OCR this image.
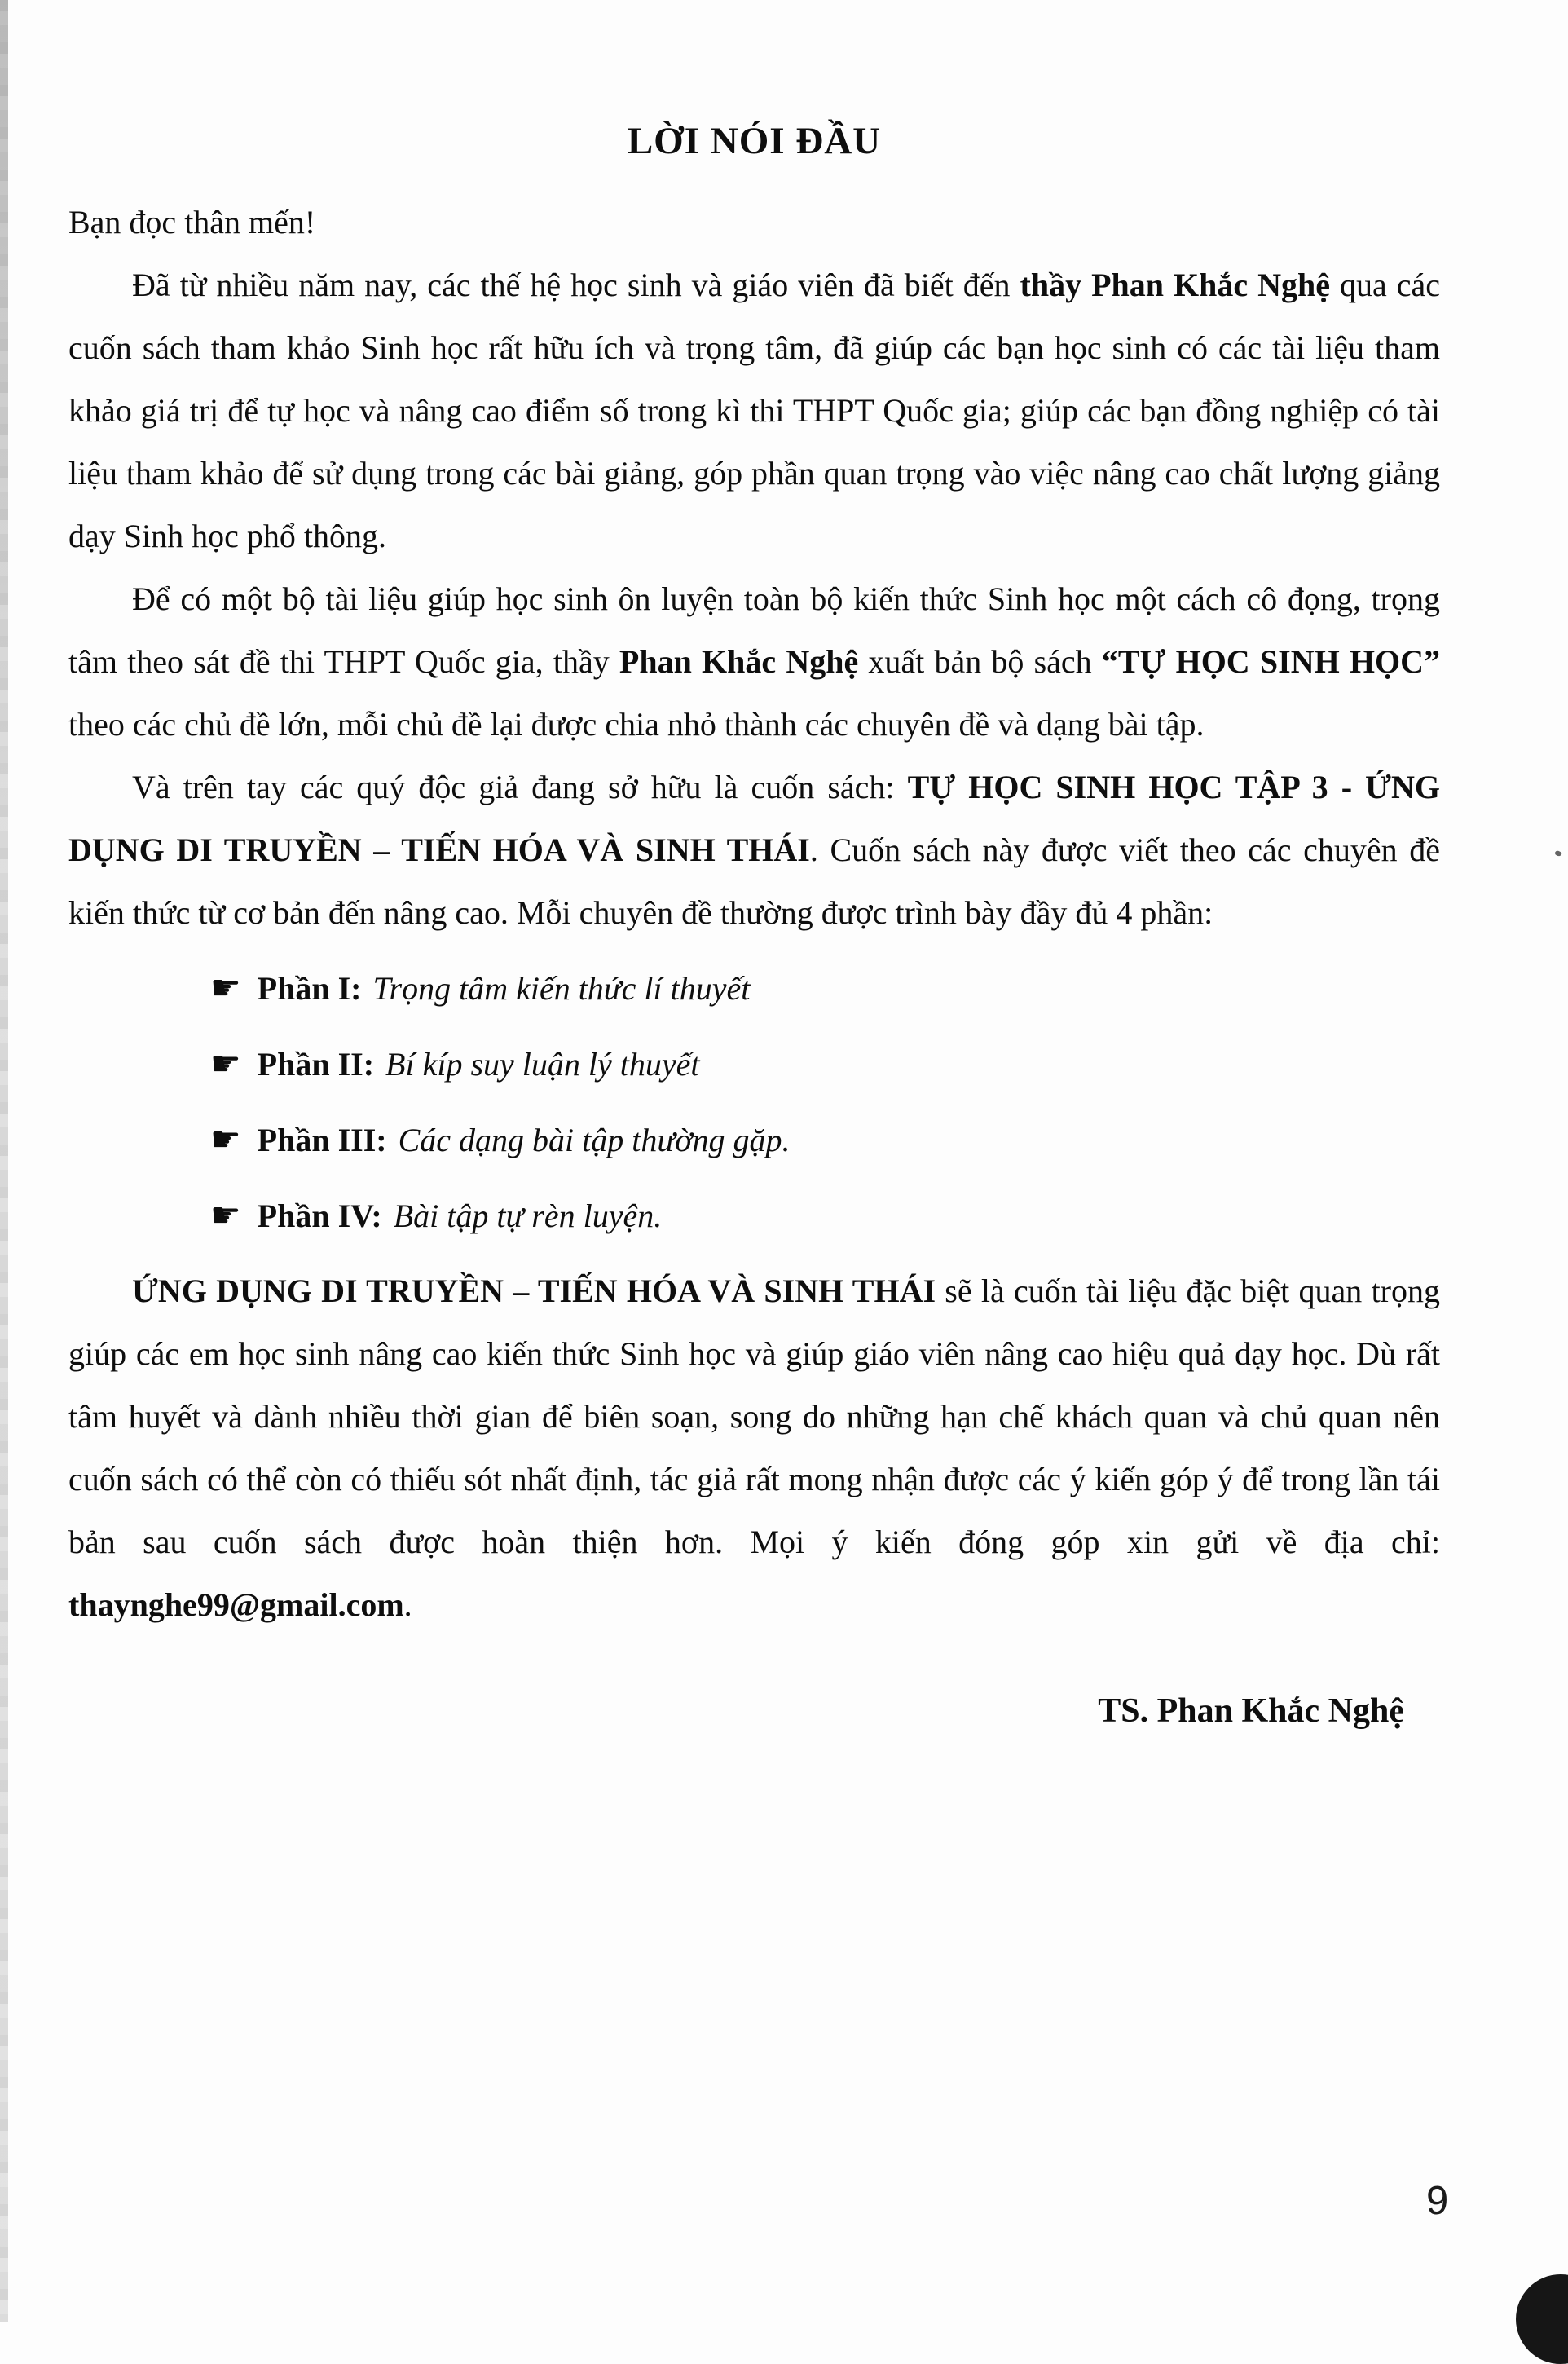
LỜI NÓI ĐẦU

Bạn đọc thân mến!

Đã từ nhiều năm nay, các thế hệ học sinh và giáo viên đã biết đến thầy Phan Khắc Nghệ qua các cuốn sách tham khảo Sinh học rất hữu ích và trọng tâm, đã giúp các bạn học sinh có các tài liệu tham khảo giá trị để tự học và nâng cao điểm số trong kì thi THPT Quốc gia; giúp các bạn đồng nghiệp có tài liệu tham khảo để sử dụng trong các bài giảng, góp phần quan trọng vào việc nâng cao chất lượng giảng dạy Sinh học phổ thông.

Để có một bộ tài liệu giúp học sinh ôn luyện toàn bộ kiến thức Sinh học một cách cô đọng, trọng tâm theo sát đề thi THPT Quốc gia, thầy Phan Khắc Nghệ xuất bản bộ sách “TỰ HỌC SINH HỌC” theo các chủ đề lớn, mỗi chủ đề lại được chia nhỏ thành các chuyên đề và dạng bài tập.

Và trên tay các quý độc giả đang sở hữu là cuốn sách: TỰ HỌC SINH HỌC TẬP 3 - ỨNG DỤNG DI TRUYỀN – TIẾN HÓA VÀ SINH THÁI. Cuốn sách này được viết theo các chuyên đề kiến thức từ cơ bản đến nâng cao. Mỗi chuyên đề thường được trình bày đầy đủ 4 phần:

☛ Phần I: Trọng tâm kiến thức lí thuyết
☛ Phần II: Bí kíp suy luận lý thuyết
☛ Phần III: Các dạng bài tập thường gặp.
☛ Phần IV: Bài tập tự rèn luyện.

ỨNG DỤNG DI TRUYỀN – TIẾN HÓA VÀ SINH THÁI sẽ là cuốn tài liệu đặc biệt quan trọng giúp các em học sinh nâng cao kiến thức Sinh học và giúp giáo viên nâng cao hiệu quả dạy học. Dù rất tâm huyết và dành nhiều thời gian để biên soạn, song do những hạn chế khách quan và chủ quan nên cuốn sách có thể còn có thiếu sót nhất định, tác giả rất mong nhận được các ý kiến góp ý để trong lần tái bản sau cuốn sách được hoàn thiện hơn. Mọi ý kiến đóng góp xin gửi về địa chỉ: thaynghe99@gmail.com.

TS. Phan Khắc Nghệ
9
